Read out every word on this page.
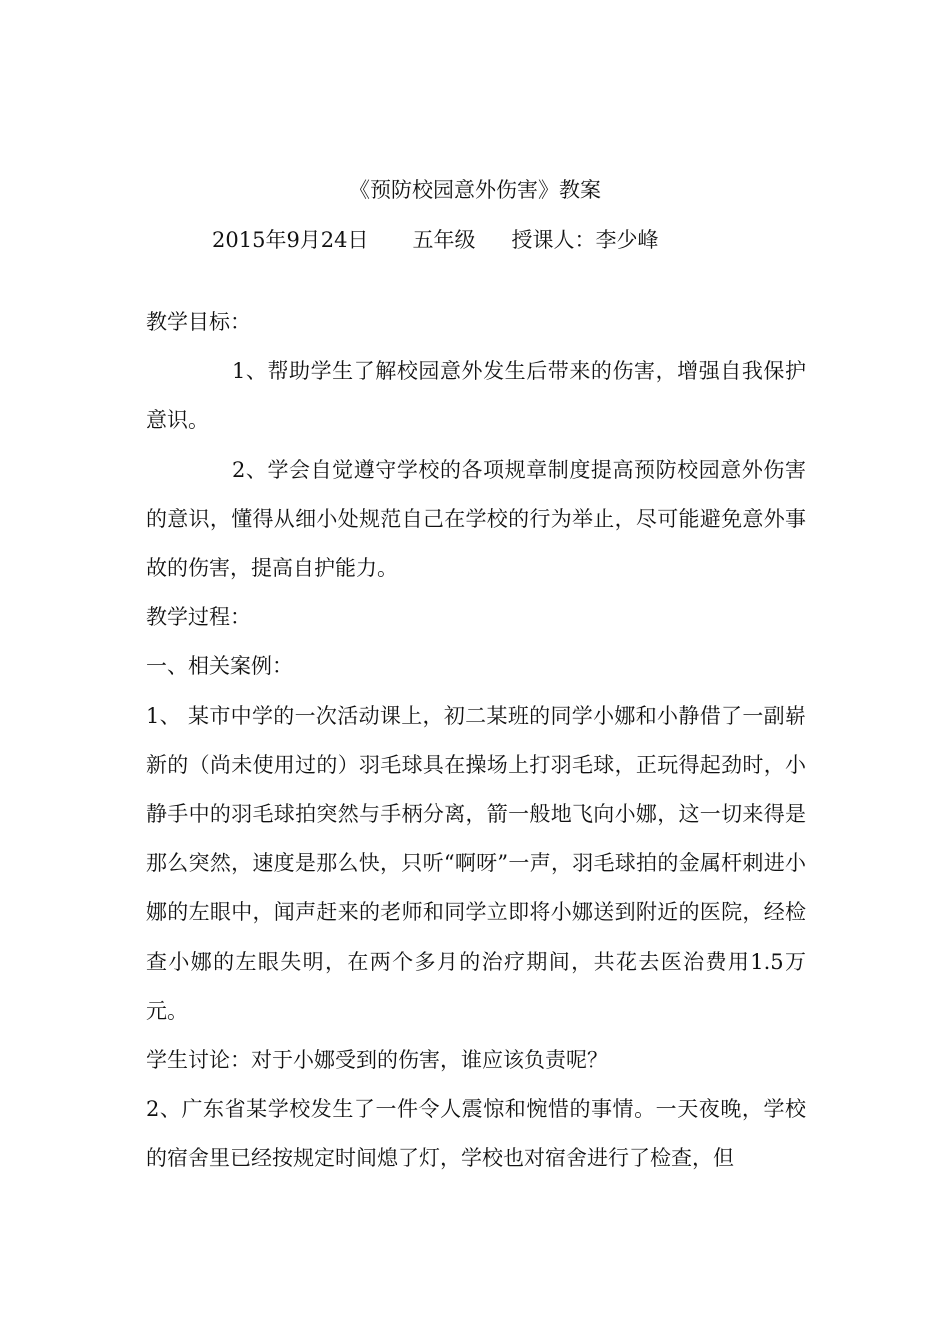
《预防校园意外伤害》教案
2015年9月24日 五年级 授课人：李少峰

教学目标：

1、帮助学生了解校园意外发生后带来的伤害，增强自我保护意识。

2、学会自觉遵守学校的各项规章制度提高预防校园意外伤害的意识，懂得从细小处规范自己在学校的行为举止，尽可能避免意外事故的伤害，提高自护能力。

教学过程：

一、相关案例：

1、 某市中学的一次活动课上，初二某班的同学小娜和小静借了一副崭新的（尚未使用过的）羽毛球具在操场上打羽毛球，正玩得起劲时，小静手中的羽毛球拍突然与手柄分离，箭一般地飞向小娜，这一切来得是那么突然，速度是那么快，只听“啊呀”一声，羽毛球拍的金属杆刺进小娜的左眼中，闻声赶来的老师和同学立即将小娜送到附近的医院，经检查小娜的左眼失明，在两个多月的治疗期间，共花去医治费用1.5万元。

学生讨论：对于小娜受到的伤害，谁应该负责呢？

2、广东省某学校发生了一件令人震惊和惋惜的事情。一天夜晚，学校的宿舍里已经按规定时间熄了灯，学校也对宿舍进行了检查，但
